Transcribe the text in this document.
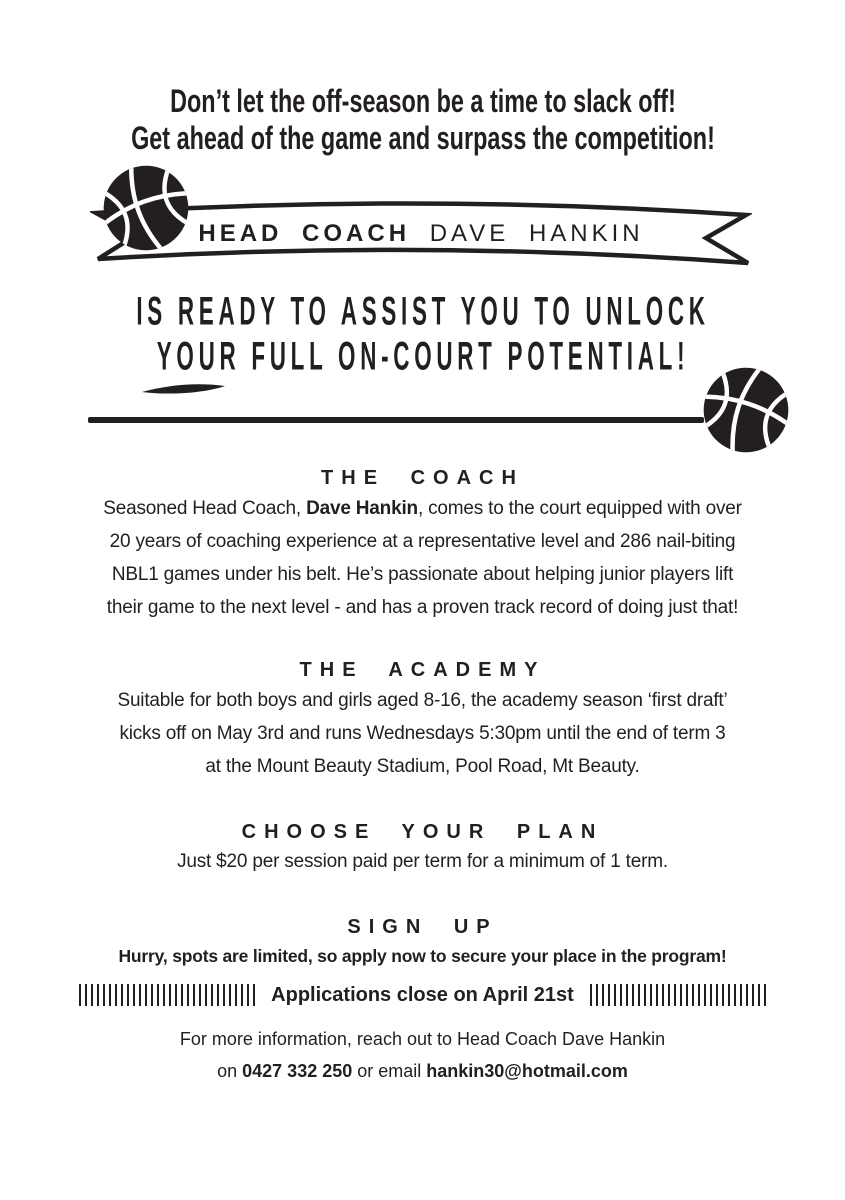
Don’t let the off-season be a time to slack off!
Get ahead of the game and surpass the competition!
HEAD COACH DAVE HANKIN
IS READY TO ASSIST YOU TO UNLOCK
YOUR FULL ON-COURT POTENTIAL!
THE COACH
Seasoned Head Coach, Dave Hankin, comes to the court equipped with over
20 years of coaching experience at a representative level and 286 nail-biting
NBL1 games under his belt. He’s passionate about helping junior players lift
their game to the next level - and has a proven track record of doing just that!
THE ACADEMY
Suitable for both boys and girls aged 8-16, the academy season ‘first draft’
kicks off on May 3rd and runs Wednesdays 5:30pm until the end of term 3
at the Mount Beauty Stadium, Pool Road, Mt Beauty.
CHOOSE YOUR PLAN
Just $20 per session paid per term for a minimum of 1 term.
SIGN UP
Hurry, spots are limited, so apply now to secure your place in the program!
Applications close on April 21st
For more information, reach out to Head Coach Dave Hankin
on 0427 332 250 or email hankin30@hotmail.com
